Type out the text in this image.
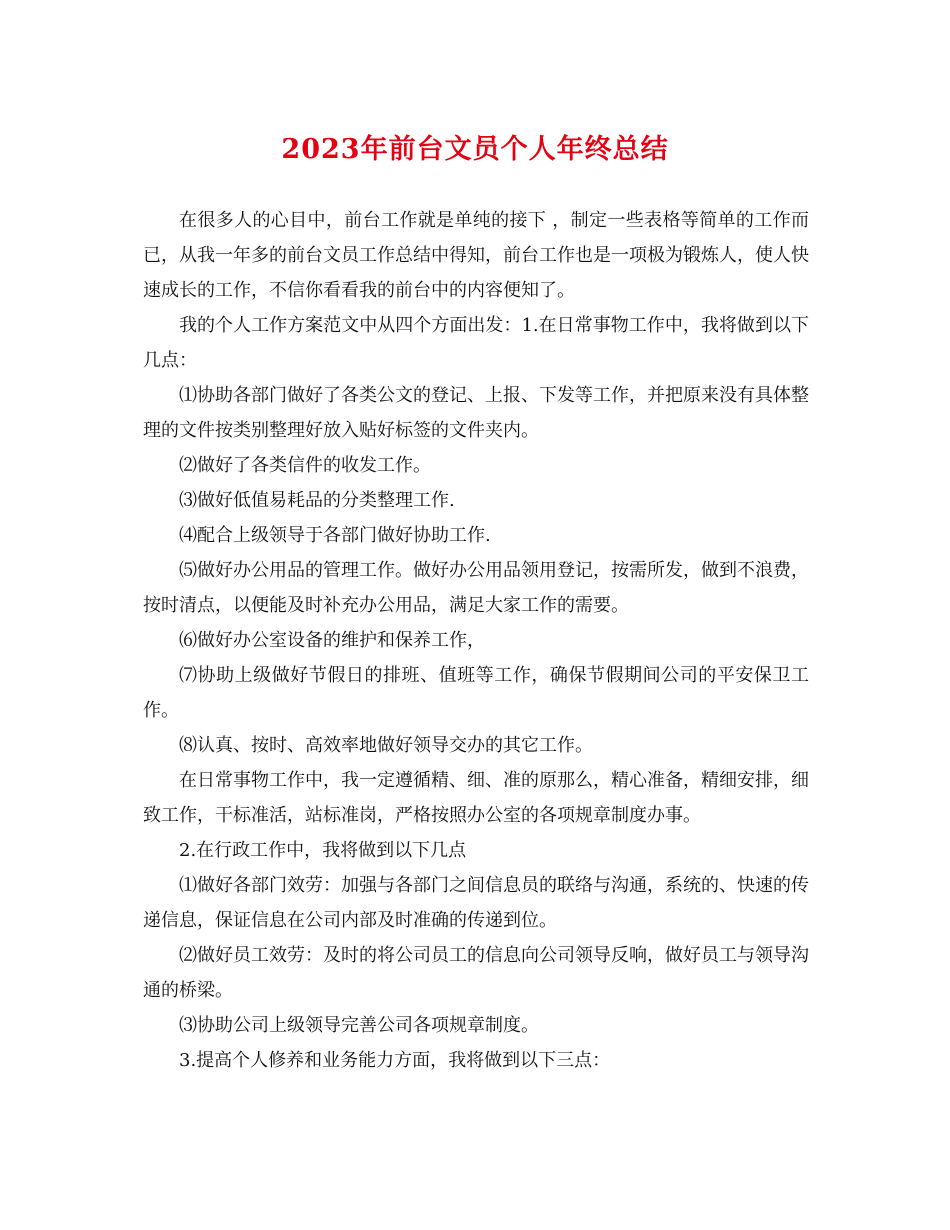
2023年前台文员个人年终总结

在很多人的心目中，前台工作就是单纯的接下 ，制定一些表格等简单的工作而已，从我一年多的前台文员工作总结中得知，前台工作也是一项极为锻炼人，使人快速成长的工作，不信你看看我的前台中的内容便知了。

我的个人工作方案范文中从四个方面出发：1.在日常事物工作中，我将做到以下几点：

⑴协助各部门做好了各类公文的登记、上报、下发等工作，并把原来没有具体整理的文件按类别整理好放入贴好标签的文件夹内。

⑵做好了各类信件的收发工作。

⑶做好低值易耗品的分类整理工作.

⑷配合上级领导于各部门做好协助工作.

⑸做好办公用品的管理工作。做好办公用品领用登记，按需所发，做到不浪费，按时清点，以便能及时补充办公用品，满足大家工作的需要。

⑹做好办公室设备的维护和保养工作，

⑺协助上级做好节假日的排班、值班等工作，确保节假期间公司的平安保卫工作。

⑻认真、按时、高效率地做好领导交办的其它工作。

在日常事物工作中，我一定遵循精、细、准的原那么，精心准备，精细安排，细致工作，干标准活，站标准岗，严格按照办公室的各项规章制度办事。

2.在行政工作中，我将做到以下几点

⑴做好各部门效劳：加强与各部门之间信息员的联络与沟通，系统的、快速的传递信息，保证信息在公司内部及时准确的传递到位。

⑵做好员工效劳：及时的将公司员工的信息向公司领导反响，做好员工与领导沟通的桥梁。

⑶协助公司上级领导完善公司各项规章制度。

3.提高个人修养和业务能力方面，我将做到以下三点：
